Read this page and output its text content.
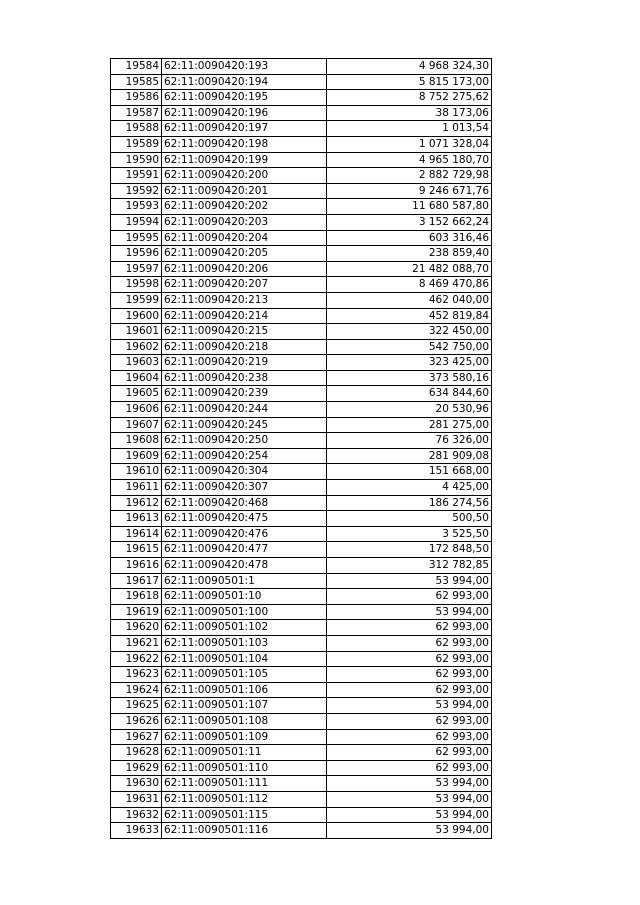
19584	62:11:0090420:193	4 968 324,30
19585	62:11:0090420:194	5 815 173,00
19586	62:11:0090420:195	8 752 275,62
19587	62:11:0090420:196	38 173,06
19588	62:11:0090420:197	1 013,54
19589	62:11:0090420:198	1 071 328,04
19590	62:11:0090420:199	4 965 180,70
19591	62:11:0090420:200	2 882 729,98
19592	62:11:0090420:201	9 246 671,76
19593	62:11:0090420:202	11 680 587,80
19594	62:11:0090420:203	3 152 662,24
19595	62:11:0090420:204	603 316,46
19596	62:11:0090420:205	238 859,40
19597	62:11:0090420:206	21 482 088,70
19598	62:11:0090420:207	8 469 470,86
19599	62:11:0090420:213	462 040,00
19600	62:11:0090420:214	452 819,84
19601	62:11:0090420:215	322 450,00
19602	62:11:0090420:218	542 750,00
19603	62:11:0090420:219	323 425,00
19604	62:11:0090420:238	373 580,16
19605	62:11:0090420:239	634 844,60
19606	62:11:0090420:244	20 530,96
19607	62:11:0090420:245	281 275,00
19608	62:11:0090420:250	76 326,00
19609	62:11:0090420:254	281 909,08
19610	62:11:0090420:304	151 668,00
19611	62:11:0090420:307	4 425,00
19612	62:11:0090420:468	186 274,56
19613	62:11:0090420:475	500,50
19614	62:11:0090420:476	3 525,50
19615	62:11:0090420:477	172 848,50
19616	62:11:0090420:478	312 782,85
19617	62:11:0090501:1	53 994,00
19618	62:11:0090501:10	62 993,00
19619	62:11:0090501:100	53 994,00
19620	62:11:0090501:102	62 993,00
19621	62:11:0090501:103	62 993,00
19622	62:11:0090501:104	62 993,00
19623	62:11:0090501:105	62 993,00
19624	62:11:0090501:106	62 993,00
19625	62:11:0090501:107	53 994,00
19626	62:11:0090501:108	62 993,00
19627	62:11:0090501:109	62 993,00
19628	62:11:0090501:11	62 993,00
19629	62:11:0090501:110	62 993,00
19630	62:11:0090501:111	53 994,00
19631	62:11:0090501:112	53 994,00
19632	62:11:0090501:115	53 994,00
19633	62:11:0090501:116	53 994,00
